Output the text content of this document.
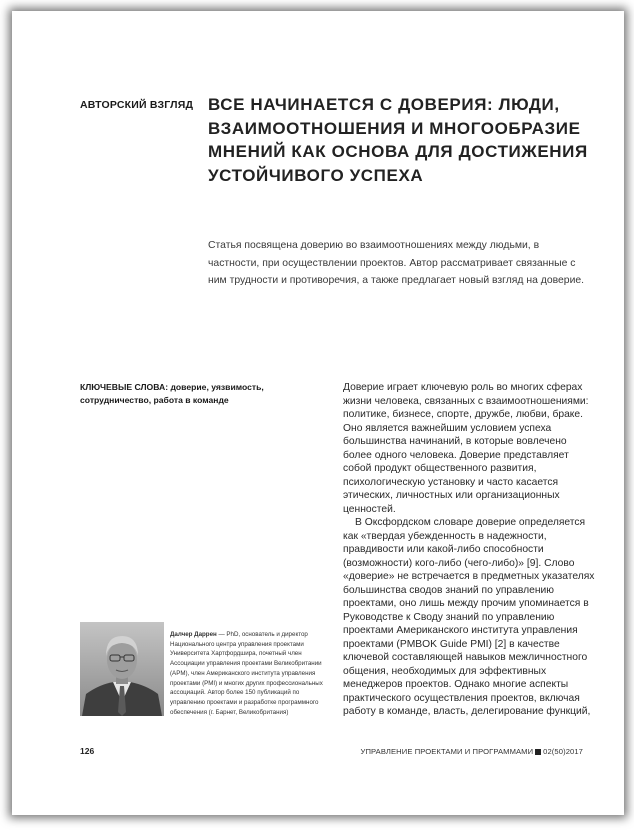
АВТОРСКИЙ ВЗГЛЯД ВСЕ НАЧИНАЕТСЯ С ДОВЕРИЯ: ЛЮДИ, ВЗАИМООТНОШЕНИЯ И МНОГООБРАЗИЕ МНЕНИЙ КАК ОСНОВА ДЛЯ ДОСТИЖЕНИЯ УСТОЙЧИВОГО УСПЕХА
Статья посвящена доверию во взаимоотношениях между людьми, в частности, при осуществлении проектов. Автор рассматривает связанные с ним трудности и противоречия, а также предлагает новый взгляд на доверие.
КЛЮЧЕВЫЕ СЛОВА: доверие, уязвимость, сотрудничество, работа в команде
Далчер Даррен — PhD, основатель и директор Национального центра управления проектами Университета Хартфордшира, почетный член Ассоциации управления проектами Великобритании (APM), член Американского института управления проектами (PMI) и многих других профессиональных ассоциаций. Автор более 150 публикаций по управлению проектами и разработке программного обеспечения (г. Барнет, Великобритания)

Доверие играет ключевую роль во многих сферах жизни человека, связанных с взаимоотношениями: политике, бизнесе, спорте, дружбе, любви, браке. Оно является важнейшим условием успеха большинства начинаний, в которые вовлечено более одного человека. Доверие представляет собой продукт общественного развития, психологическую установку и часто касается этических, личностных или организационных ценностей.

В Оксфордском словаре доверие определяется как «твердая убежденность в надежности, правдивости или какой-либо способности (возможности) кого-либо (чего-либо)» [9]. Слово «доверие» не встречается в предметных указателях большинства сводов знаний по управлению проектами, оно лишь между прочим упоминается в Руководстве к Своду знаний по управлению проектами Американского института управления проектами (PMBOK Guide PMI) [2] в качестве ключевой составляющей навыков межличностного общения, необходимых для эффективных менеджеров проектов. Однако многие аспекты практического осуществления проектов, включая работу в команде, власть, делегирование функций,

126	УПРАВЛЕНИЕ ПРОЕКТАМИ И ПРОГРАММАМИ 02(50)2017
